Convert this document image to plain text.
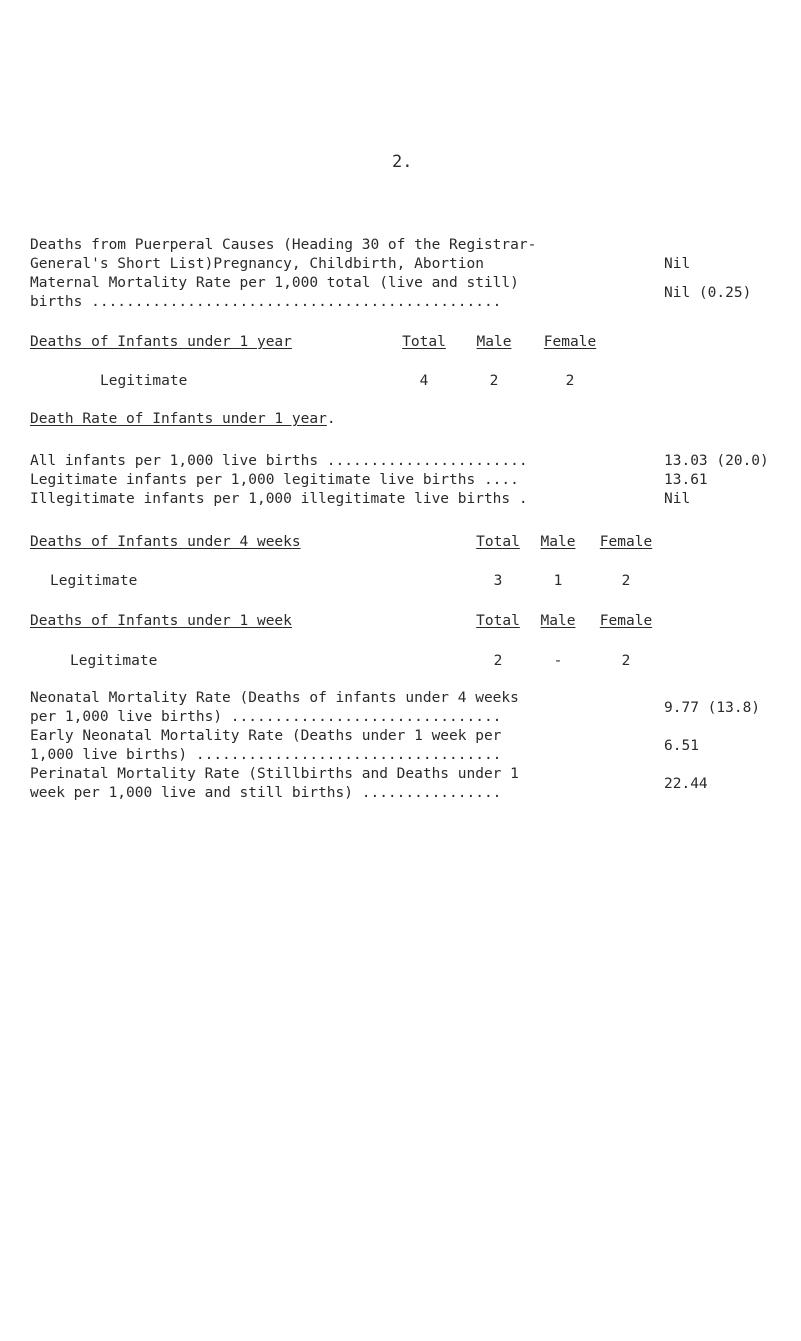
2.
Deaths from Puerperal Causes (Heading 30 of the Registrar-
General's Short List)Pregnancy, Childbirth, Abortion	Nil
Maternal Mortality Rate per 1,000 total (live and still)
births ...............................................
Nil (0.25)
Deaths of Infants under 1 year	Total	Male	Female
Legitimate	4	2	2
Death Rate of Infants under 1 year.
All infants per 1,000 live births .......................	13.03 (20.0)
Legitimate infants per 1,000 legitimate live births ....	13.61
Illegitimate infants per 1,000 illegitimate live births .	Nil
Deaths of Infants under 4 weeks	Total	Male	Female
Legitimate	3	1	2
Deaths of Infants under 1 week	Total	Male	Female
Legitimate	2	-	2
Neonatal Mortality Rate (Deaths of infants under 4 weeks
per 1,000 live births) ...............................
9.77 (13.8)
Early Neonatal Mortality Rate (Deaths under 1 week per
1,000 live births) ...................................
6.51
Perinatal Mortality Rate (Stillbirths and Deaths under 1
week per 1,000 live and still births) ................
22.44
